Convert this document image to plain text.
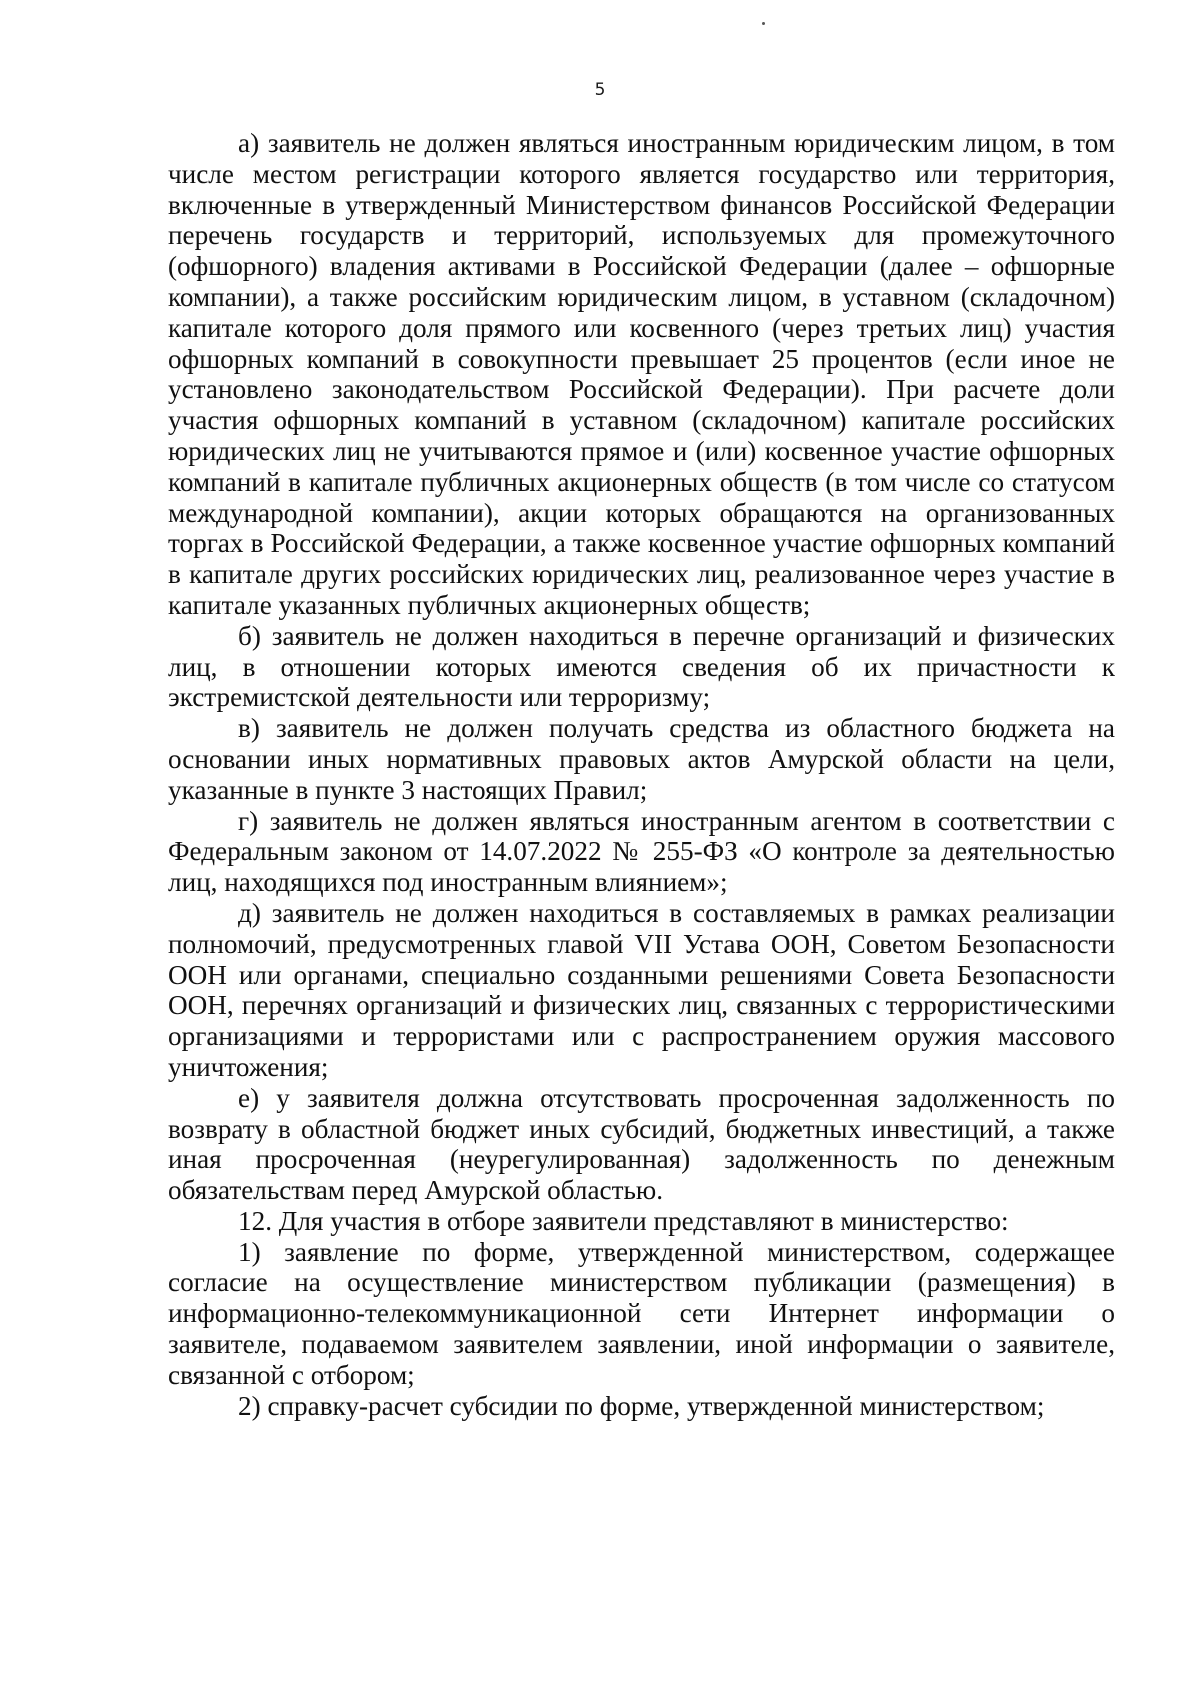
5

а) заявитель не должен являться иностранным юридическим лицом, в том числе местом регистрации которого является государство или территория, включенные в утвержденный Министерством финансов Российской Федерации перечень государств и территорий, используемых для промежуточного (офшорного) владения активами в Российской Федерации (далее – офшорные компании), а также российским юридическим лицом, в уставном (складочном) капитале которого доля прямого или косвенного (через третьих лиц) участия офшорных компаний в совокупности превышает 25 процентов (если иное не установлено законодательством Российской Федерации). При расчете доли участия офшорных компаний в уставном (складочном) капитале российских юридических лиц не учитываются прямое и (или) косвенное участие офшорных компаний в капитале публичных акционерных обществ (в том числе со статусом международной компании), акции которых обращаются на организованных торгах в Российской Федерации, а также косвенное участие офшорных компаний в капитале других российских юридических лиц, реализованное через участие в капитале указанных публичных акционерных обществ;

б) заявитель не должен находиться в перечне организаций и физических лиц, в отношении которых имеются сведения об их причастности к экстремистской деятельности или терроризму;

в) заявитель не должен получать средства из областного бюджета на основании иных нормативных правовых актов Амурской области на цели, указанные в пункте 3 настоящих Правил;

г) заявитель не должен являться иностранным агентом в соответствии с Федеральным законом от 14.07.2022 № 255-ФЗ «О контроле за деятельностью лиц, находящихся под иностранным влиянием»;

д) заявитель не должен находиться в составляемых в рамках реализации полномочий, предусмотренных главой VII Устава ООН, Советом Безопасности ООН или органами, специально созданными решениями Совета Безопасности ООН, перечнях организаций и физических лиц, связанных с террористическими организациями и террористами или с распространением оружия массового уничтожения;

е) у заявителя должна отсутствовать просроченная задолженность по возврату в областной бюджет иных субсидий, бюджетных инвестиций, а также иная просроченная (неурегулированная) задолженность по денежным обязательствам перед Амурской областью.

12. Для участия в отборе заявители представляют в министерство:

1) заявление по форме, утвержденной министерством, содержащее согласие на осуществление министерством публикации (размещения) в информационно-телекоммуникационной сети Интернет информации о заявителе, подаваемом заявителем заявлении, иной информации о заявителе, связанной с отбором;

2) справку-расчет субсидии по форме, утвержденной министерством;
